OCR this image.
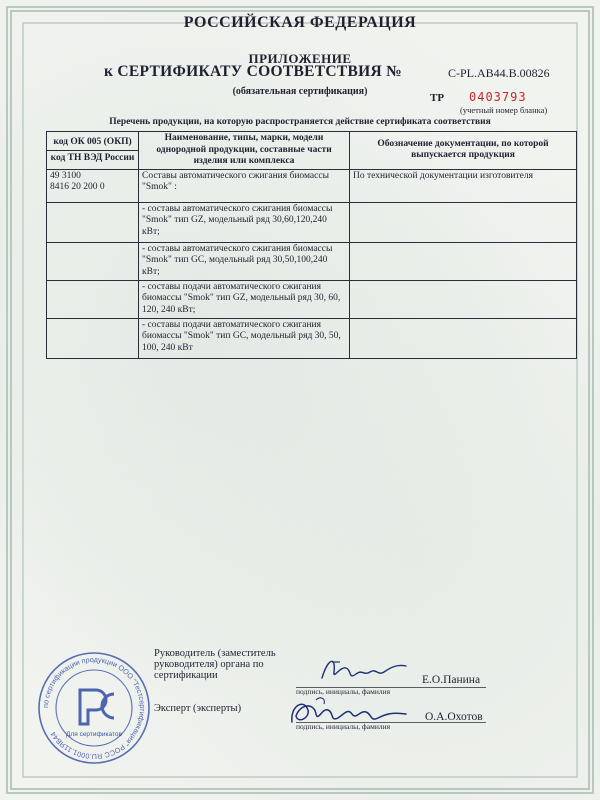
РОССИЙСКАЯ ФЕДЕРАЦИЯ
ПРИЛОЖЕНИЕ
к СЕРТИФИКАТУ СООТВЕТСТВИЯ №	С-PL.АВ44.В.00826
(обязательная сертификация)
ТР 0403793
(учетный номер бланка)
Перечень продукции, на которую распространяется действие сертификата соответствия
код ОК 005 (ОКП)
код ТН ВЭД России	Наименование, типы, марки, модели однородной продукции, составные части изделия или комплекса	Обозначение документации, по которой выпускается продукция

49 3100
8416 20 200 0	Составы автоматического сжигания биомассы "Smok" :	По технической документации изготовителя
	- составы автоматического сжигания биомассы "Smok" тип GZ, модельный ряд 30,60,120,240 кВт;	
	- составы автоматического сжигания биомассы "Smok" тип GC, модельный ряд 30,50,100,240 кВт;	
	- составы подачи автоматического сжигания биомассы "Smok" тип GZ, модельный ряд 30, 60, 120, 240 кВт;	
	- составы подачи автоматического сжигания биомассы "Smok" тип GC, модельный ряд 30, 50, 100, 240 кВт	
по сертификации продукции ООО "Тестсертификация" РОСС RU.0001.11ЯВ44	Для сертификатов
Руководитель (заместитель руководителя) органа по сертификации
подпись, инициалы, фамилия
Е.О.Панина
Эксперт (эксперты)
подпись, инициалы, фамилия
О.А.Охотов
